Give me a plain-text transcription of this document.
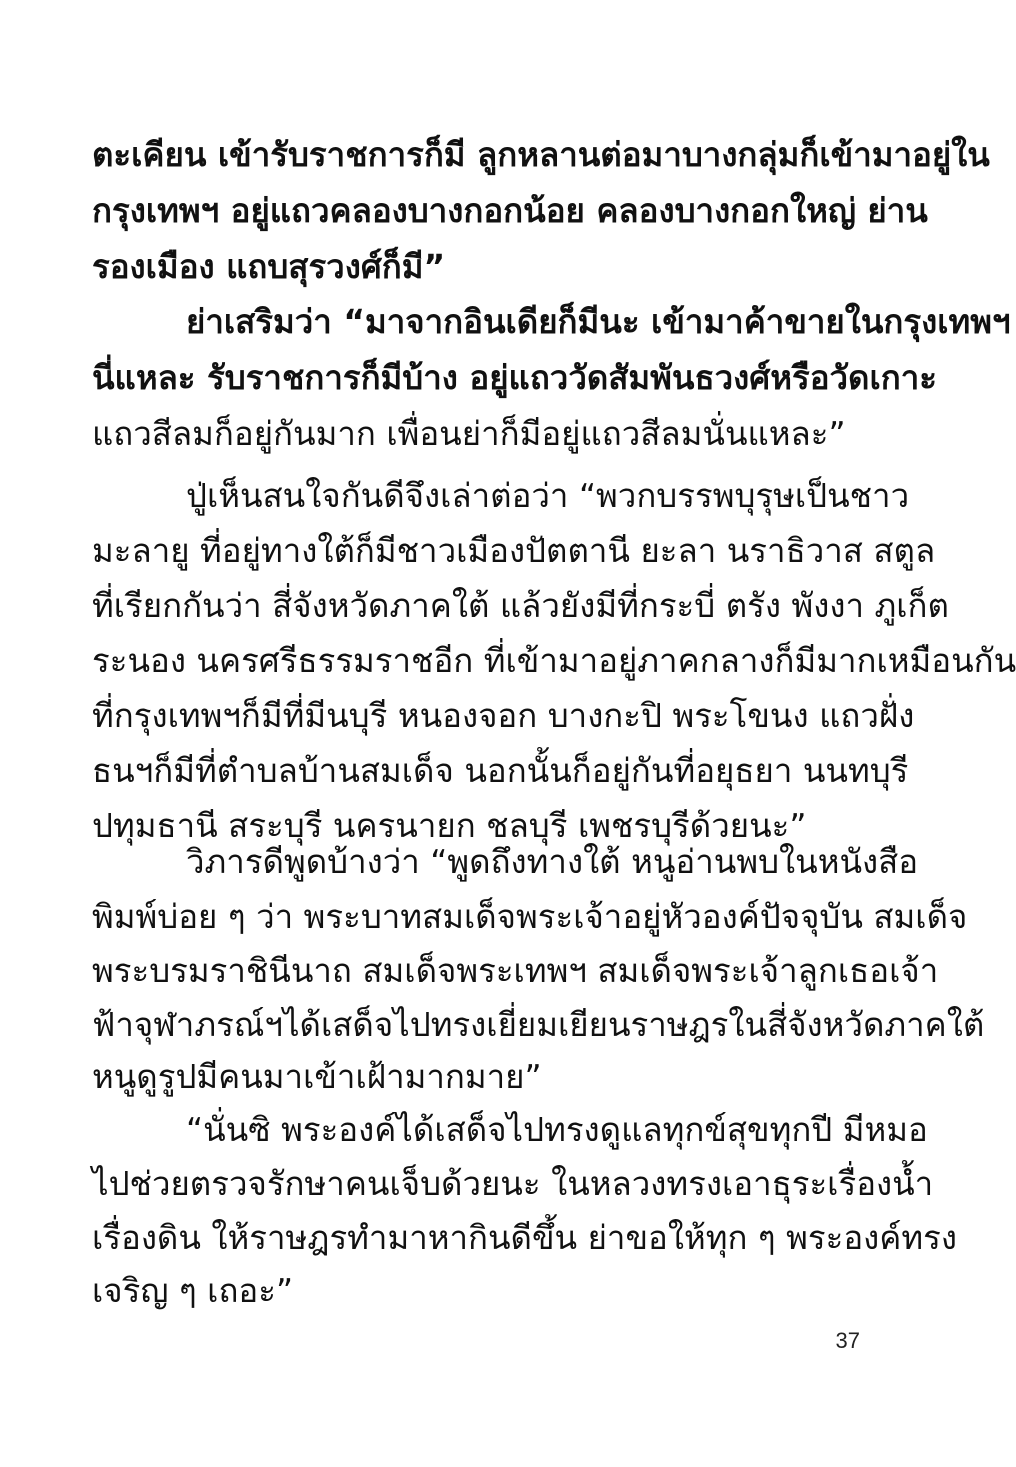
ตะเคียน เข้ารับราชการก็มี ลูกหลานต่อมาบางกลุ่มก็เข้ามาอยู่ใน
กรุงเทพฯ อยู่แถวคลองบางกอกน้อย คลองบางกอกใหญ่ ย่าน
รองเมือง แถบสุรวงศ์ก็มี”
ย่าเสริมว่า “มาจากอินเดียก็มีนะ เข้ามาค้าขายในกรุงเทพฯ
นี่แหละ รับราชการก็มีบ้าง อยู่แถววัดสัมพันธวงศ์หรือวัดเกาะ
แถวสีลมก็อยู่กันมาก เพื่อนย่าก็มีอยู่แถวสีลมนั่นแหละ”
ปู่เห็นสนใจกันดีจึงเล่าต่อว่า “พวกบรรพบุรุษเป็นชาว
มะลายู ที่อยู่ทางใต้ก็มีชาวเมืองปัตตานี ยะลา นราธิวาส สตูล
ที่เรียกกันว่า สี่จังหวัดภาคใต้ แล้วยังมีที่กระบี่ ตรัง พังงา ภูเก็ต
ระนอง นครศรีธรรมราชอีก ที่เข้ามาอยู่ภาคกลางก็มีมากเหมือนกัน
ที่กรุงเทพฯก็มีที่มีนบุรี หนองจอก บางกะปิ พระโขนง แถวฝั่ง
ธนฯก็มีที่ตำบลบ้านสมเด็จ นอกนั้นก็อยู่กันที่อยุธยา นนทบุรี
ปทุมธานี สระบุรี นครนายก ชลบุรี เพชรบุรีด้วยนะ”
วิภารดีพูดบ้างว่า “พูดถึงทางใต้ หนูอ่านพบในหนังสือ
พิมพ์บ่อย ๆ ว่า พระบาทสมเด็จพระเจ้าอยู่หัวองค์ปัจจุบัน สมเด็จ
พระบรมราชินีนาถ สมเด็จพระเทพฯ สมเด็จพระเจ้าลูกเธอเจ้า
ฟ้าจุฬาภรณ์ฯได้เสด็จไปทรงเยี่ยมเยียนราษฎรในสี่จังหวัดภาคใต้
หนูดูรูปมีคนมาเข้าเฝ้ามากมาย”
“นั่นซิ พระองค์ได้เสด็จไปทรงดูแลทุกข์สุขทุกปี มีหมอ
ไปช่วยตรวจรักษาคนเจ็บด้วยนะ ในหลวงทรงเอาธุระเรื่องน้ำ
เรื่องดิน ให้ราษฎรทำมาหากินดีขึ้น ย่าขอให้ทุก ๆ พระองค์ทรง
เจริญ ๆ เถอะ”
37
